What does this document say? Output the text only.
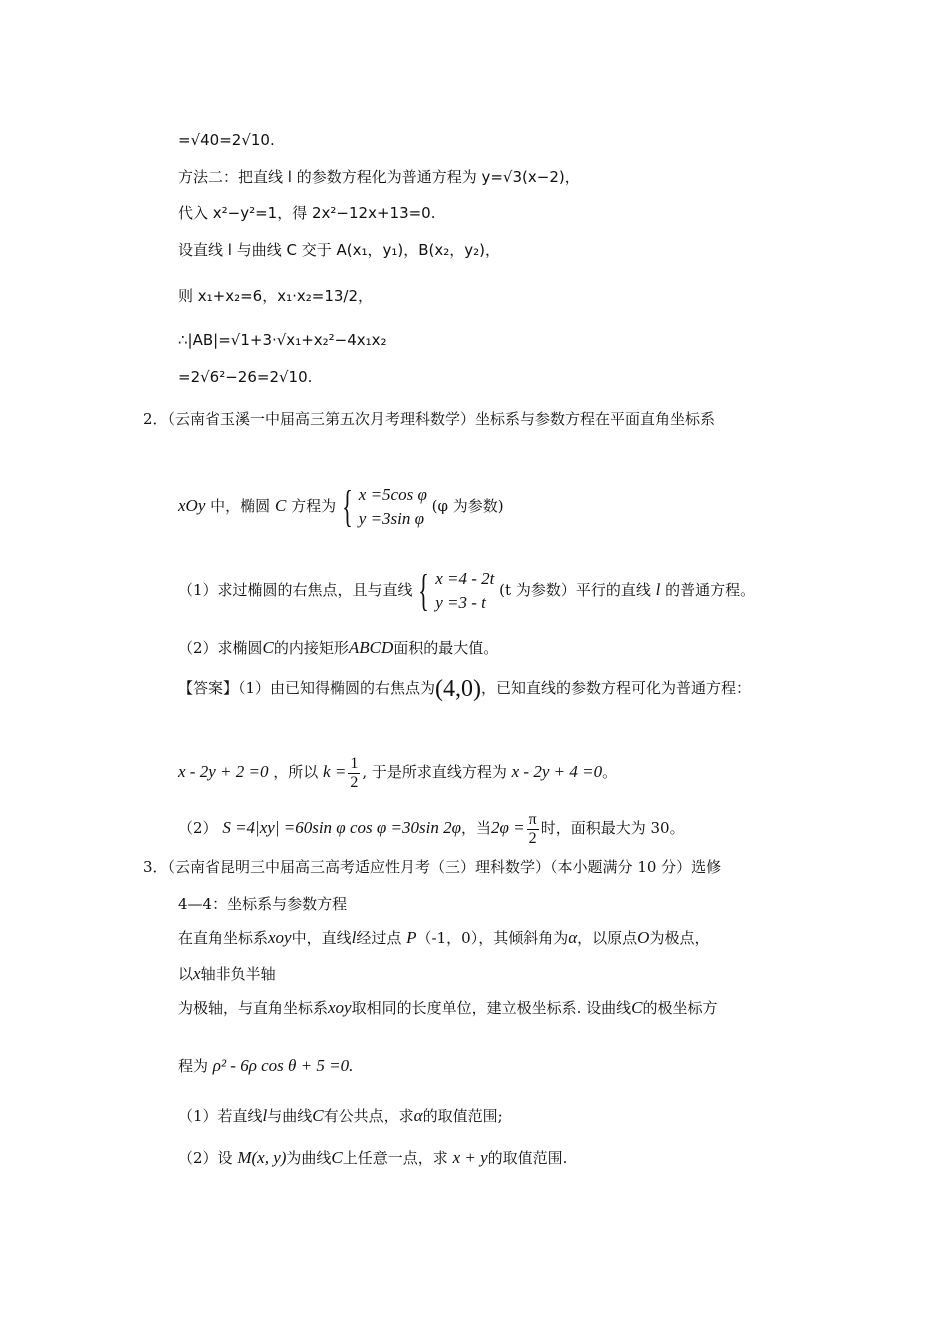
=√40=2√10.
方法二：把直线 l 的参数方程化为普通方程为 y=√3(x−2)，
代入 x²−y²=1，得 2x²−12x+13=0.
设直线 l 与曲线 C 交于 A(x₁，y₁)，B(x₂，y₂)，
则 x₁+x₂=6，x₁·x₂=13/2，
∴|AB|=√1+3·√x₁+x₂²−4x₁x₂
=2√6²−26=2√10.
2．（云南省玉溪一中届高三第五次月考理科数学）坐标系与参数方程在平面直角坐标系
xOy 中，椭圆 C 方程为 { x =5cos φ
y =3sin φ
(φ 为参数)
（1）求过椭圆的右焦点，且与直线 { x =4 - 2t
y =3 - t
(t 为参数）平行的直线 l 的普通方程。
（2）求椭圆C的内接矩形ABCD面积的最大值。
【答案】（1）由已知得椭圆的右焦点为(4,0)，已知直线的参数方程可化为普通方程：
x - 2y + 2 =0 ，所以 $k = \frac{1}{2}$ , 于是所求直线方程为 x - 2y + 4 =0。
（2） S =4|xy| =60sin φ cos φ =30sin 2φ，当$2\varphi = \frac{\pi}{2}$ 时，面积最大为 30。
3．（云南省昆明三中届高三高考适应性月考（三）理科数学）（本小题满分 10 分）选修
4—4：坐标系与参数方程
在直角坐标系xoy中，直线l经过点 P（-1，0），其倾斜角为α，以原点O为极点，
以x轴非负半轴
为极轴，与直角坐标系xoy取相同的长度单位，建立极坐标系. 设曲线C的极坐标方
程为 ρ² - 6ρ cos θ + 5 =0.
（1）若直线l与曲线C有公共点，求α的取值范围;
（2）设 M(x, y)为曲线C上任意一点，求 x + y的取值范围.
